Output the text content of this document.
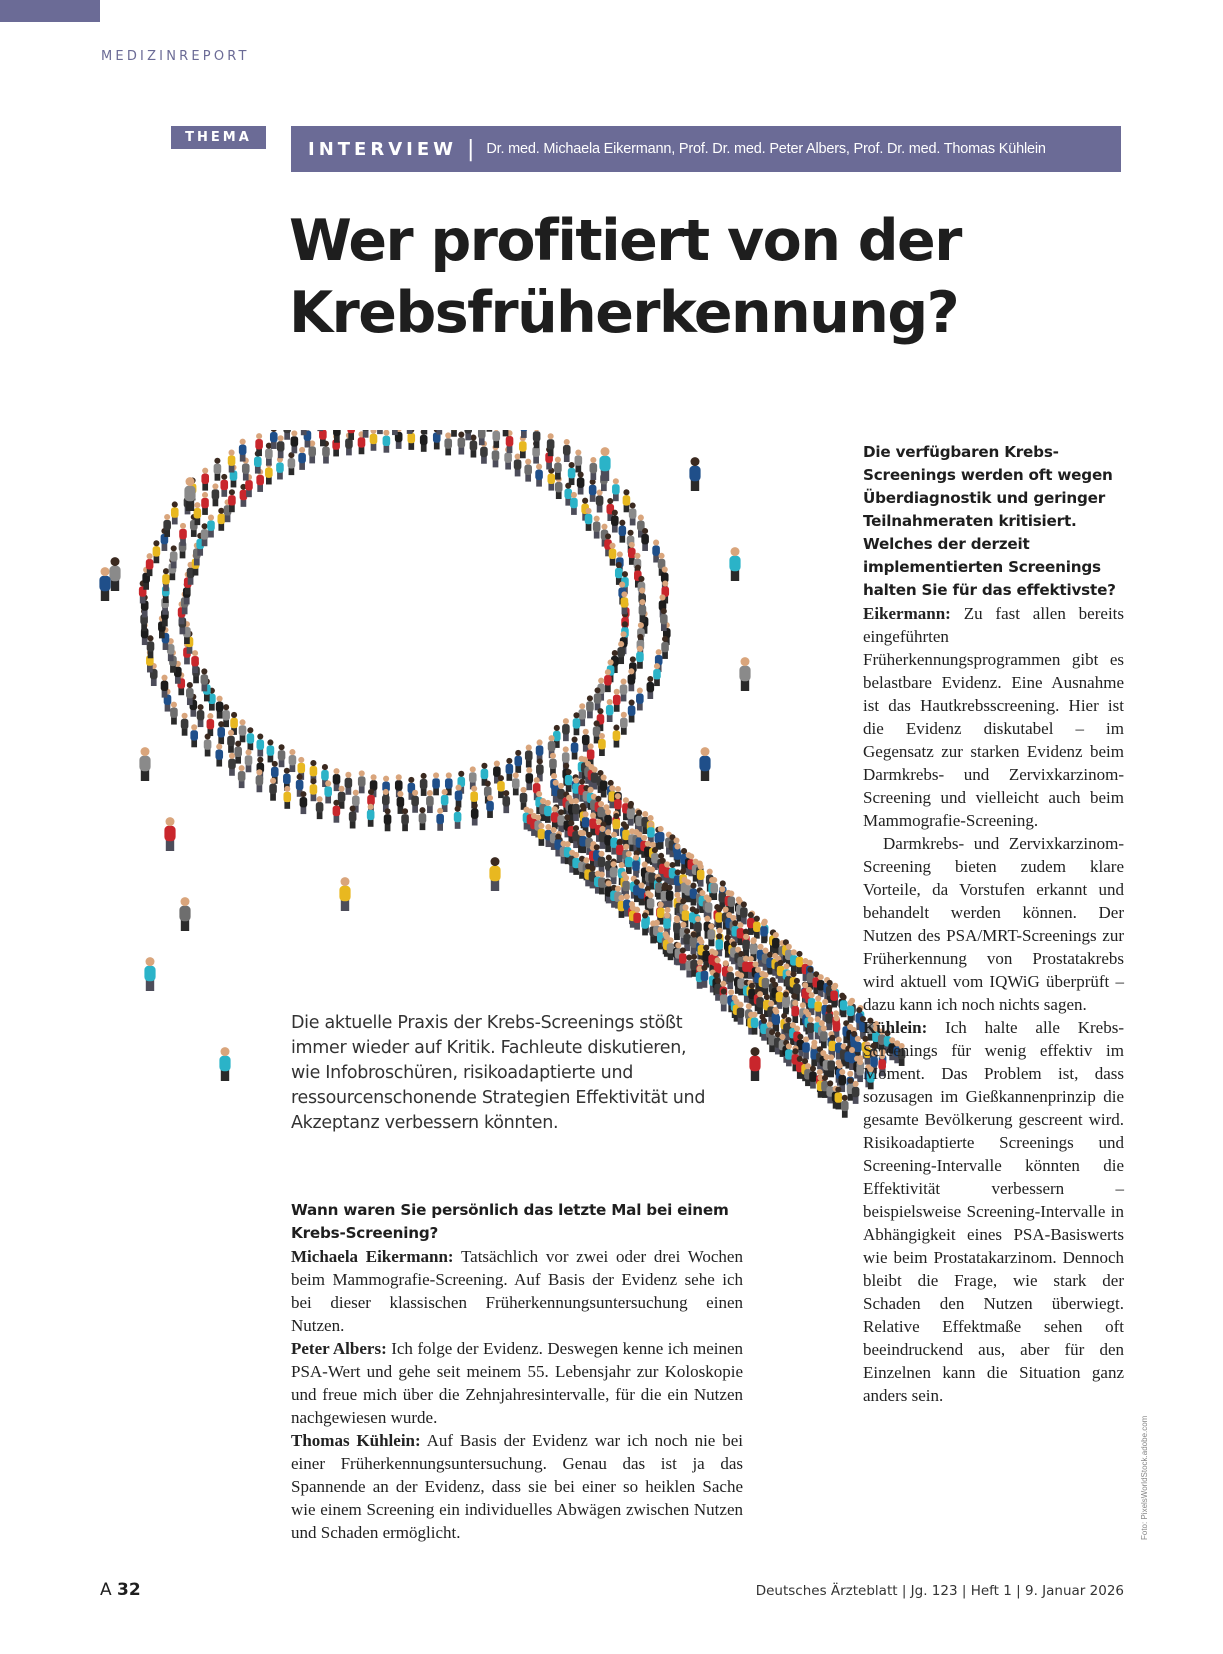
MEDIZINREPORT
THEMA
INTERVIEW | Dr. med. Michaela Eikermann, Prof. Dr. med. Peter Albers, Prof. Dr. med. Thomas Kühlein
Wer profitiert von der
Krebsfrüherkennung?

Die aktuelle Praxis der Krebs-Screenings stößt immer wieder auf Kritik. Fachleute diskutieren, wie Infobroschüren, risikoadaptierte und ressourcenschonende Strategien Effektivität und Akzeptanz verbessern könnten.

Wann waren Sie persönlich das letzte Mal bei einem Krebs-Screening?

Michaela Eikermann: Tatsächlich vor zwei oder drei Wochen beim Mammografie-Screening. Auf Basis der Evidenz sehe ich bei dieser klassischen Früherkennungsuntersuchung einen Nutzen.

Peter Albers: Ich folge der Evidenz. Deswegen kenne ich meinen PSA-Wert und gehe seit meinem 55. Lebensjahr zur Koloskopie und freue mich über die Zehnjahresintervalle, für die ein Nutzen nachgewiesen wurde.

Thomas Kühlein: Auf Basis der Evidenz war ich noch nie bei einer Früherkennungsuntersuchung. Genau das ist ja das Spannende an der Evidenz, dass sie bei einer so heiklen Sache wie einem Screening ein individuelles Abwägen zwischen Nutzen und Schaden ermöglicht.

Die verfügbaren Krebs-Screenings werden oft wegen Überdiagnostik und geringer Teilnahmeraten kritisiert. Welches der derzeit implementierten Screenings halten Sie für das effektivste?

Eikermann: Zu fast allen bereits eingeführten Früherkennungsprogrammen gibt es belastbare Evidenz. Eine Ausnahme ist das Hautkrebsscreening. Hier ist die Evidenz diskutabel – im Gegensatz zur starken Evidenz beim Darmkrebs- und Zervixkarzinom-Screening und vielleicht auch beim Mammografie-Screening.

Darmkrebs- und Zervixkarzinom-Screening bieten zudem klare Vorteile, da Vorstufen erkannt und behandelt werden können. Der Nutzen des PSA/MRT-Screenings zur Früherkennung von Prostatakrebs wird aktuell vom IQWiG überprüft – dazu kann ich noch nichts sagen.

Kühlein: Ich halte alle Krebs-Screenings für wenig effektiv im Moment. Das Problem ist, dass sozusagen im Gießkannenprinzip die gesamte Bevölkerung gescreent wird. Risikoadaptierte Screenings und Screening-Intervalle könnten die Effektivität verbessern – beispielsweise Screening-Intervalle in Abhängigkeit eines PSA-Basiswerts wie beim Prostatakarzinom. Dennoch bleibt die Frage, wie stark der Schaden den Nutzen überwiegt. Relative Effektmaße sehen oft beeindruckend aus, aber für den Einzelnen kann die Situation ganz anders sein.

Foto: PixelsWorldStock.adobe.com
A 32	Deutsches Ärzteblatt | Jg. 123 | Heft 1 | 9. Januar 2026
